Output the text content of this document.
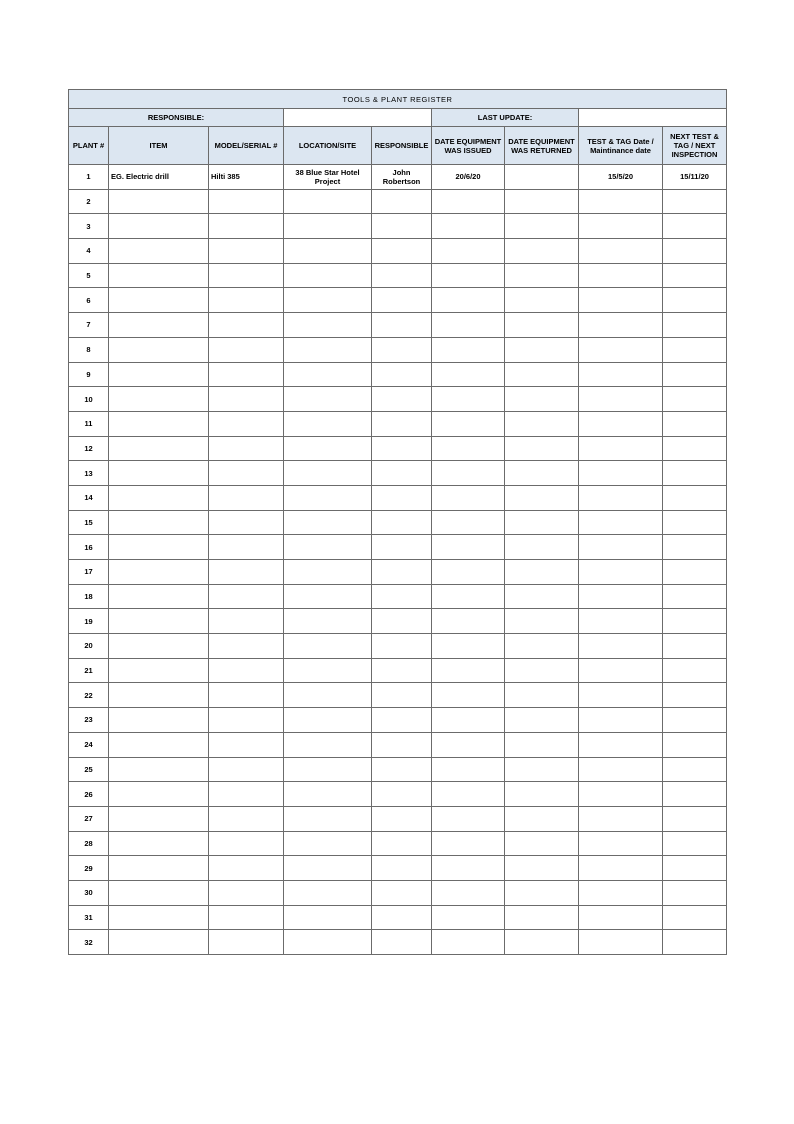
TOOLS & PLANT REGISTER								
RESPONSIBLE:					LAST UPDATE:			
PLANT #	ITEM	MODEL/SERIAL #	LOCATION/SITE	RESPONSIBLE	DATE EQUIPMENT WAS ISSUED	DATE EQUIPMENT WAS RETURNED	TEST & TAG Date / Maintinance date	NEXT TEST & TAG / NEXT INSPECTION
1	EG. Electric drill	Hilti 385	38 Blue Star Hotel Project	John Robertson	20/6/20		15/5/20	15/11/20
2								
3								
4								
5								
6								
7								
8								
9								
10								
11								
12								
13								
14								
15								
16								
17								
18								
19								
20								
21								
22								
23								
24								
25								
26								
27								
28								
29								
30								
31								
32								
